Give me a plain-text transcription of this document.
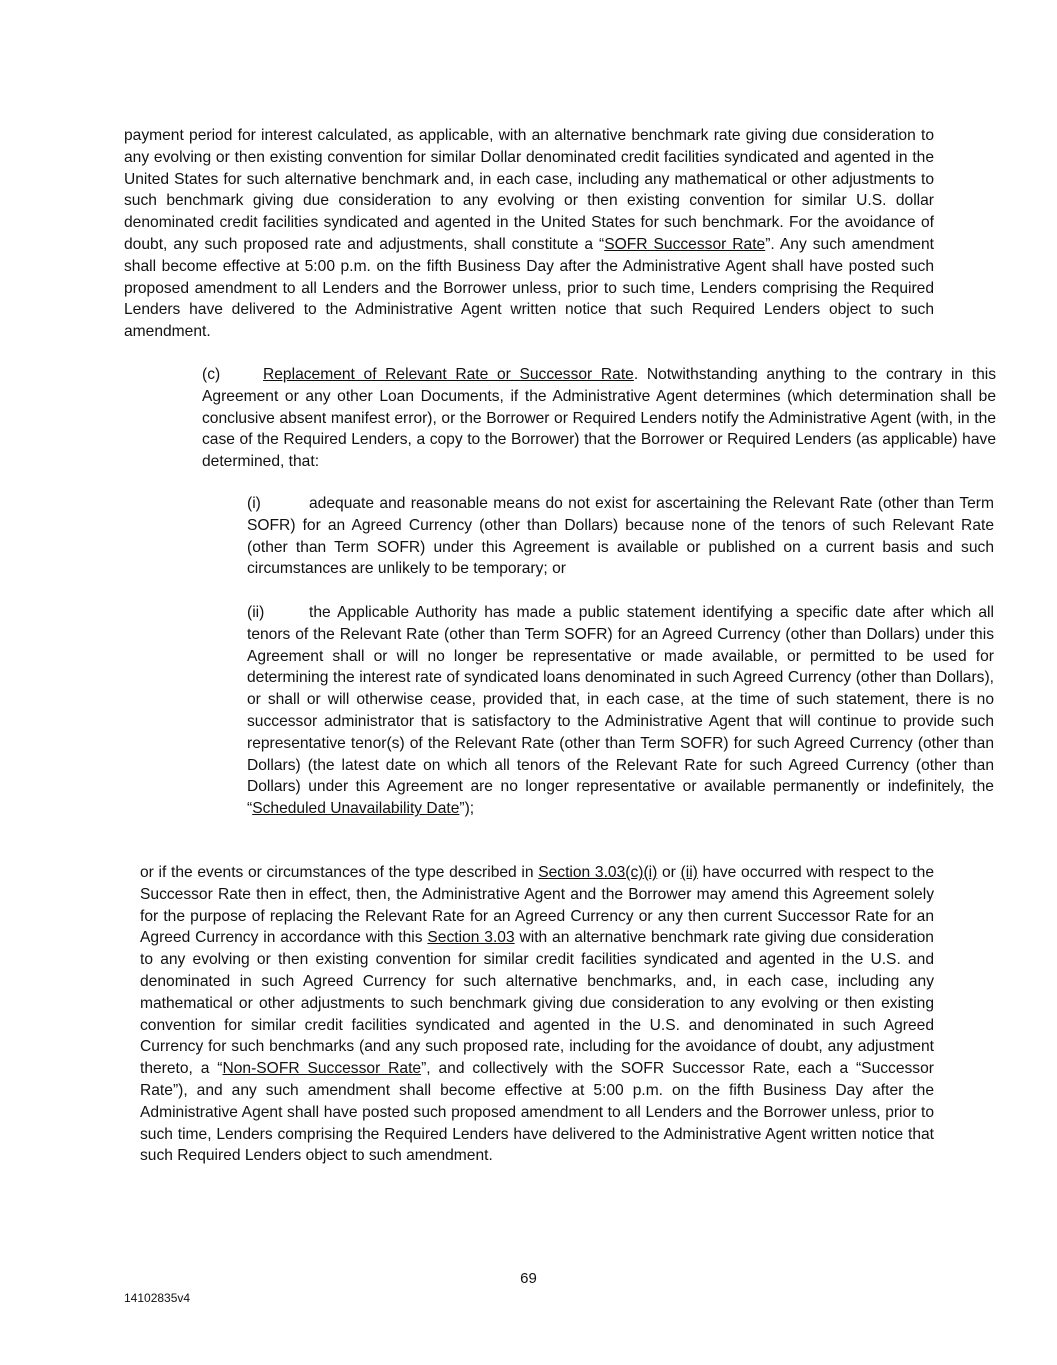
payment period for interest calculated, as applicable, with an alternative benchmark rate giving due consideration to any evolving or then existing convention for similar Dollar denominated credit facilities syndicated and agented in the United States for such alternative benchmark and, in each case, including any mathematical or other adjustments to such benchmark giving due consideration to any evolving or then existing convention for similar U.S. dollar denominated credit facilities syndicated and agented in the United States for such benchmark. For the avoidance of doubt, any such proposed rate and adjustments, shall constitute a “SOFR Successor Rate”. Any such amendment shall become effective at 5:00 p.m. on the fifth Business Day after the Administrative Agent shall have posted such proposed amendment to all Lenders and the Borrower unless, prior to such time, Lenders comprising the Required Lenders have delivered to the Administrative Agent written notice that such Required Lenders object to such amendment.

(c)	Replacement of Relevant Rate or Successor Rate. Notwithstanding anything to the contrary in this Agreement or any other Loan Documents, if the Administrative Agent determines (which determination shall be conclusive absent manifest error), or the Borrower or Required Lenders notify the Administrative Agent (with, in the case of the Required Lenders, a copy to the Borrower) that the Borrower or Required Lenders (as applicable) have determined, that:

(i)	adequate and reasonable means do not exist for ascertaining the Relevant Rate (other than Term SOFR) for an Agreed Currency (other than Dollars) because none of the tenors of such Relevant Rate (other than Term SOFR) under this Agreement is available or published on a current basis and such circumstances are unlikely to be temporary; or

(ii)	the Applicable Authority has made a public statement identifying a specific date after which all tenors of the Relevant Rate (other than Term SOFR) for an Agreed Currency (other than Dollars) under this Agreement shall or will no longer be representative or made available, or permitted to be used for determining the interest rate of syndicated loans denominated in such Agreed Currency (other than Dollars), or shall or will otherwise cease, provided that, in each case, at the time of such statement, there is no successor administrator that is satisfactory to the Administrative Agent that will continue to provide such representative tenor(s) of the Relevant Rate (other than Term SOFR) for such Agreed Currency (other than Dollars) (the latest date on which all tenors of the Relevant Rate for such Agreed Currency (other than Dollars) under this Agreement are no longer representative or available permanently or indefinitely, the “Scheduled Unavailability Date”);

or if the events or circumstances of the type described in Section 3.03(c)(i) or (ii) have occurred with respect to the Successor Rate then in effect, then, the Administrative Agent and the Borrower may amend this Agreement solely for the purpose of replacing the Relevant Rate for an Agreed Currency or any then current Successor Rate for an Agreed Currency in accordance with this Section 3.03 with an alternative benchmark rate giving due consideration to any evolving or then existing convention for similar credit facilities syndicated and agented in the U.S. and denominated in such Agreed Currency for such alternative benchmarks, and, in each case, including any mathematical or other adjustments to such benchmark giving due consideration to any evolving or then existing convention for similar credit facilities syndicated and agented in the U.S. and denominated in such Agreed Currency for such benchmarks (and any such proposed rate, including for the avoidance of doubt, any adjustment thereto, a “Non-SOFR Successor Rate”, and collectively with the SOFR Successor Rate, each a “Successor Rate”), and any such amendment shall become effective at 5:00 p.m. on the fifth Business Day after the Administrative Agent shall have posted such proposed amendment to all Lenders and the Borrower unless, prior to such time, Lenders comprising the Required Lenders have delivered to the Administrative Agent written notice that such Required Lenders object to such amendment.

69
14102835v4
